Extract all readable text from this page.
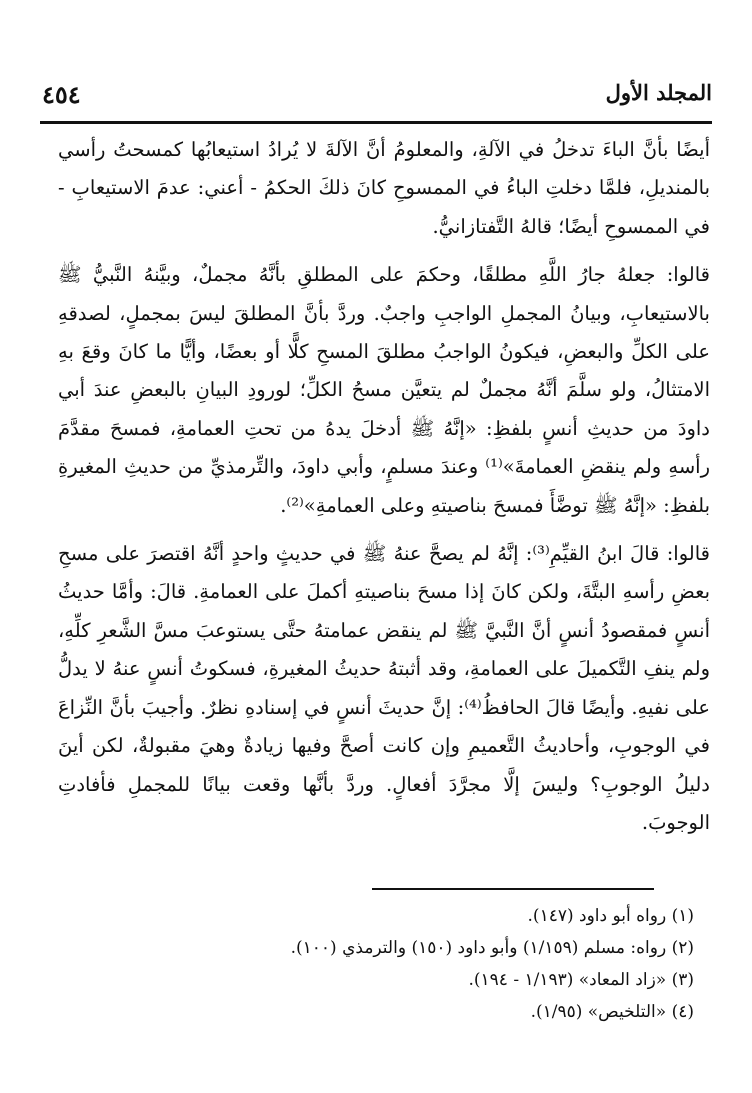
المجلد الأول
٤٥٤

أيضًا بأنَّ الباءَ تدخلُ في الآلةِ، والمعلومُ أنَّ الآلةَ لا يُرادُ استيعابُها كمسحتُ رأسي بالمنديلِ، فلمَّا دخلتِ الباءُ في الممسوحِ كانَ ذلكَ الحكمُ - أعني: عدمَ الاستيعابِ - في الممسوحِ أيضًا؛ قالهُ التَّفتازانيُّ.

قالوا: جعلهُ جارُ اللَّهِ مطلقًا، وحكمَ على المطلقِ بأنَّهُ مجملٌ، وبيَّنهُ النَّبيُّ ﷺ بالاستيعابِ، وبيانُ المجملِ الواجبِ واجبٌ. وردَّ بأنَّ المطلقَ ليسَ بمجملٍ، لصدقهِ على الكلِّ والبعضِ، فيكونُ الواجبُ مطلقَ المسحِ كلًّا أو بعضًا، وأيًّا ما كانَ وقعَ بهِ الامتثالُ، ولو سلَّمَ أنَّهُ مجملٌ لم يتعيَّن مسحُ الكلِّ؛ لورودِ البيانِ بالبعضِ عندَ أبي داودَ من حديثِ أنسٍ بلفظِ: «إنَّهُ ﷺ أدخلَ يدهُ من تحتِ العمامةِ، فمسحَ مقدَّمَ رأسهِ ولم ينقضِ العمامةَ»⁽¹⁾ وعندَ مسلمٍ، وأبي داودَ، والتِّرمذيِّ من حديثِ المغيرةِ بلفظِ: «إنَّهُ ﷺ توضَّأَ فمسحَ بناصيتهِ وعلى العمامةِ»⁽²⁾.

قالوا: قالَ ابنُ القيِّمِ⁽³⁾: إنَّهُ لم يصحَّ عنهُ ﷺ في حديثٍ واحدٍ أنَّهُ اقتصرَ على مسحِ بعضِ رأسهِ البتَّةَ، ولكن كانَ إذا مسحَ بناصيتهِ أكملَ على العمامةِ. قالَ: وأمَّا حديثُ أنسٍ فمقصودُ أنسٍ أنَّ النَّبيَّ ﷺ لم ينقض عمامتهُ حتَّى يستوعبَ مسَّ الشَّعرِ كلِّهِ، ولم ينفِ التَّكميلَ على العمامةِ، وقد أثبتهُ حديثُ المغيرةِ، فسكوتُ أنسٍ عنهُ لا يدلُّ على نفيهِ. وأيضًا قالَ الحافظُ⁽⁴⁾: إنَّ حديثَ أنسٍ في إسنادهِ نظرٌ. وأجيبَ بأنَّ النِّزاعَ في الوجوبِ، وأحاديثُ التَّعميمِ وإن كانت أصحَّ وفيها زيادةٌ وهيَ مقبولةٌ، لكن أينَ دليلُ الوجوبِ؟ وليسَ إلَّا مجرَّدَ أفعالٍ. وردَّ بأنَّها وقعت بيانًا للمجملِ فأفادتِ الوجوبَ.

(١) رواه أبو داود (١٤٧).

(٢) رواه: مسلم (١/١٥٩) وأبو داود (١٥٠) والترمذي (١٠٠).

(٣) «زاد المعاد» (١/١٩٣ - ١٩٤).

(٤) «التلخيص» (١/٩٥).
